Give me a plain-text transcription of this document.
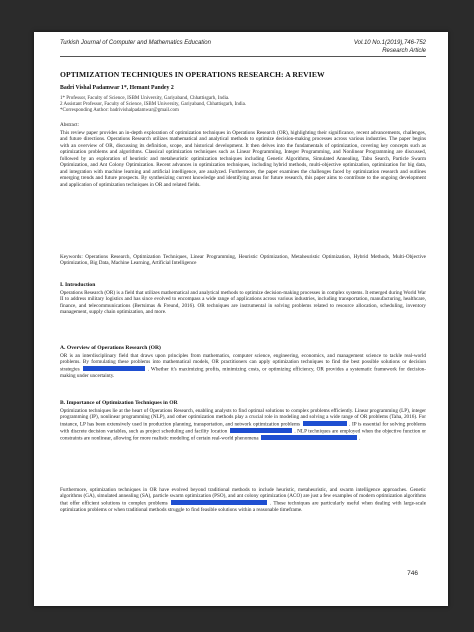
Turkish Journal of Computer and Mathematics Education	Vol.10 No.1(2019),746-752
Research Article
OPTIMIZATION TECHNIQUES IN OPERATIONS RESEARCH: A REVIEW
Badri Vishal Padamwar 1*, Hemant Pandey 2
1* Professor, Faculty of Science, ISBM University, Gariyaband, Chhattisgarh, India.
2 Assistant Professor, Faculty of Science, ISBM University, Gariyaband, Chhattisgarh, India.
*Corresponding Author: badrivishalpadamwar@gmail.com
Abstract:
This review paper provides an in-depth exploration of optimization techniques in Operations Research (OR), highlighting their significance, recent advancements, challenges, and future directions. Operations Research utilizes mathematical and analytical methods to optimize decision-making processes across various industries. The paper begins with an overview of OR, discussing its definition, scope, and historical development. It then delves into the fundamentals of optimization, covering key concepts such as optimization problems and algorithms. Classical optimization techniques such as Linear Programming, Integer Programming, and Nonlinear Programming are discussed, followed by an exploration of heuristic and metaheuristic optimization techniques including Genetic Algorithms, Simulated Annealing, Tabu Search, Particle Swarm Optimization, and Ant Colony Optimization. Recent advances in optimization techniques, including hybrid methods, multi-objective optimization, optimization for big data, and integration with machine learning and artificial intelligence, are analyzed. Furthermore, the paper examines the challenges faced by optimization research and outlines emerging trends and future prospects. By synthesizing current knowledge and identifying areas for future research, this paper aims to contribute to the ongoing development and application of optimization techniques in OR and related fields.
Keywords: Operations Research, Optimization Techniques, Linear Programming, Heuristic Optimization, Metaheuristic Optimization, Hybrid Methods, Multi-Objective Optimization, Big Data, Machine Learning, Artificial Intelligence
I. Introduction
Operations Research (OR) is a field that utilizes mathematical and analytical methods to optimize decision-making processes in complex systems. It emerged during World War II to address military logistics and has since evolved to encompass a wide range of applications across various industries, including transportation, manufacturing, healthcare, finance, and telecommunications (Bertsimas & Freund, 2016). OR techniques are instrumental in solving problems related to resource allocation, scheduling, inventory management, supply chain optimization, and more.
A. Overview of Operations Research (OR)
OR is an interdisciplinary field that draws upon principles from mathematics, computer science, engineering, economics, and management science to tackle real-world problems. By formulating these problems into mathematical models, OR practitioners can apply optimization techniques to find the best possible solutions or decision strategies	. Whether it's maximizing profits, minimizing costs, or optimizing efficiency, OR provides a systematic framework for decision-making under uncertainty.
B. Importance of Optimization Techniques in OR
Optimization techniques lie at the heart of Operations Research, enabling analysts to find optimal solutions to complex problems efficiently. Linear programming (LP), integer programming (IP), nonlinear programming (NLP), and other optimization methods play a crucial role in modeling and solving a wide range of OR problems (Taha, 2016). For instance, LP has been extensively used in production planning, transportation, and network optimization problems	. IP is essential for solving problems with discrete decision variables, such as project scheduling and facility location	. NLP techniques are employed when the objective function or constraints are nonlinear, allowing for more realistic modeling of certain real-world phenomena	.
Furthermore, optimization techniques in OR have evolved beyond traditional methods to include heuristic, metaheuristic, and swarm intelligence approaches. Genetic algorithms (GA), simulated annealing (SA), particle swarm optimization (PSO), and ant colony optimization (ACO) are just a few examples of modern optimization algorithms that offer efficient solutions to complex problems	. These techniques are particularly useful when dealing with large-scale optimization problems or when traditional methods struggle to find feasible solutions within a reasonable timeframe.
746
